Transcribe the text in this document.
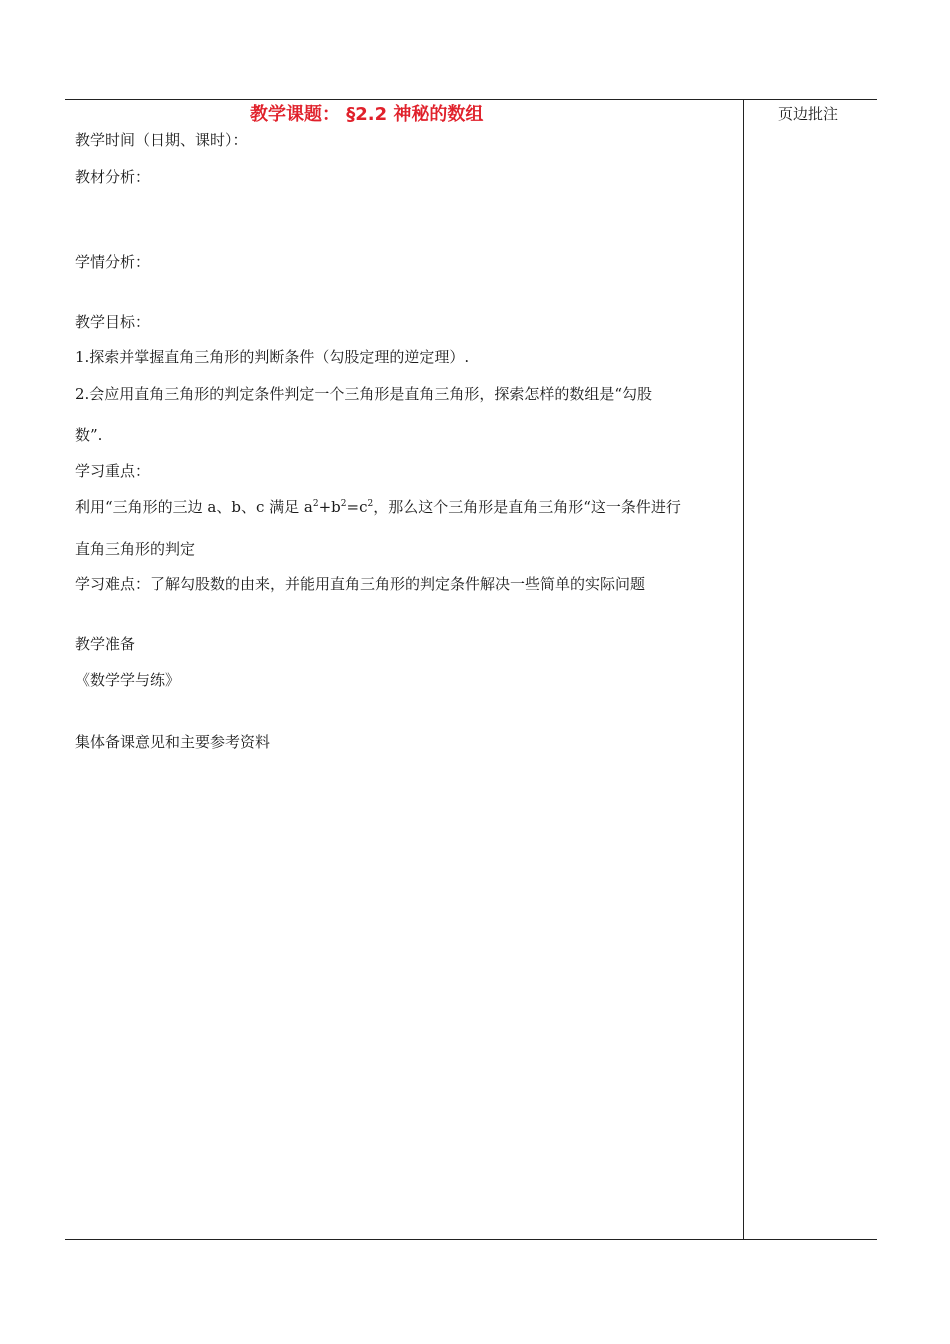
教学课题： §2.2 神秘的数组	页边批注
教学时间（日期、课时）：
教材分析：
学情分析：
教学目标：
1.探索并掌握直角三角形的判断条件（勾股定理的逆定理）.
2.会应用直角三角形的判定条件判定一个三角形是直角三角形，探索怎样的数组是“勾股
数”.
学习重点：
利用“三角形的三边 a、b、c 满足 $a^2+b^2=c^2$，那么这个三角形是直角三角形“这一条件进行
直角三角形的判定
学习难点：了解勾股数的由来，并能用直角三角形的判定条件解决一些简单的实际问题
教学准备
《数学学与练》
集体备课意见和主要参考资料
